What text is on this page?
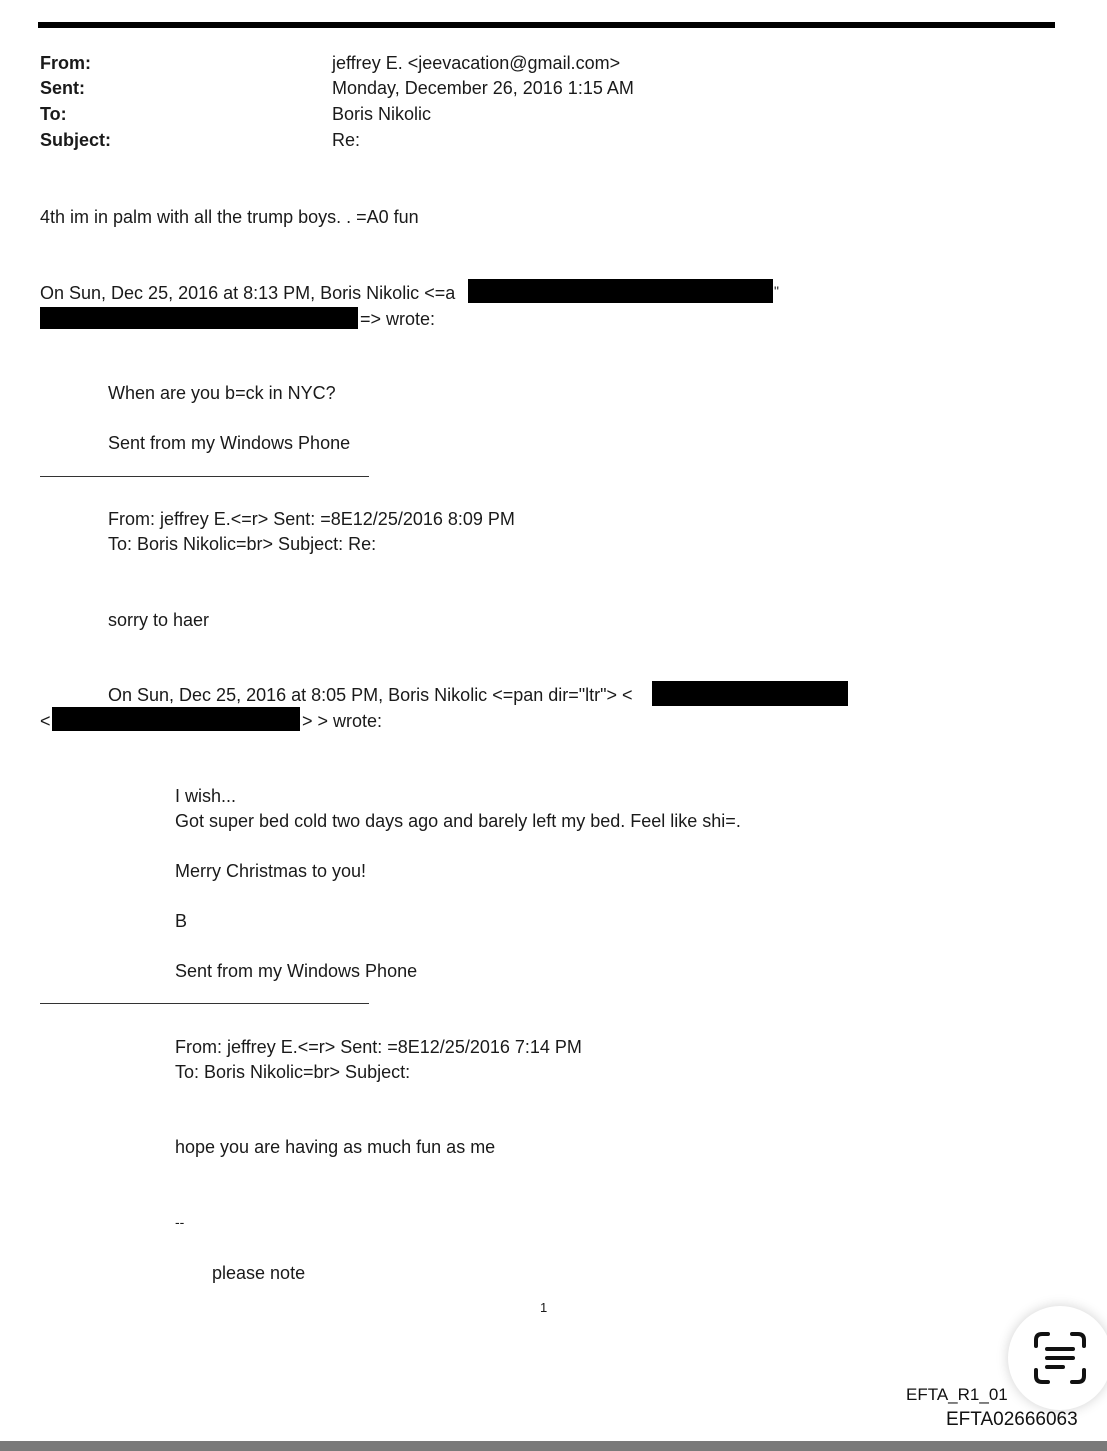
From:
Sent:
To:
Subject:
jeffrey E. <jeevacation@gmail.com>
Monday, December 26, 2016 1:15 AM
Boris Nikolic
Re:
4th im in palm with all the trump boys. . =A0 fun
On Sun, Dec 25, 2016 at 8:13 PM, Boris Nikolic <=a	"
=> wrote:
When are you b=ck in NYC?
Sent from my Windows Phone
From: jeffrey E.<=r> Sent: =8E12/25/2016 8:09 PM
To: Boris Nikolic=br> Subject: Re:
sorry to haer
On Sun, Dec 25, 2016 at 8:05 PM, Boris Nikolic <=pan dir="ltr"> <
<	> > wrote:
I wish...
Got super bed cold two days ago and barely left my bed. Feel like shi=.
Merry Christmas to you!
B
Sent from my Windows Phone
From: jeffrey E.<=r> Sent: =8E12/25/2016 7:14 PM
To: Boris Nikolic=br> Subject:
hope you are having as much fun as me
--
please note
1
EFTA_R1_01
EFTA02666063
